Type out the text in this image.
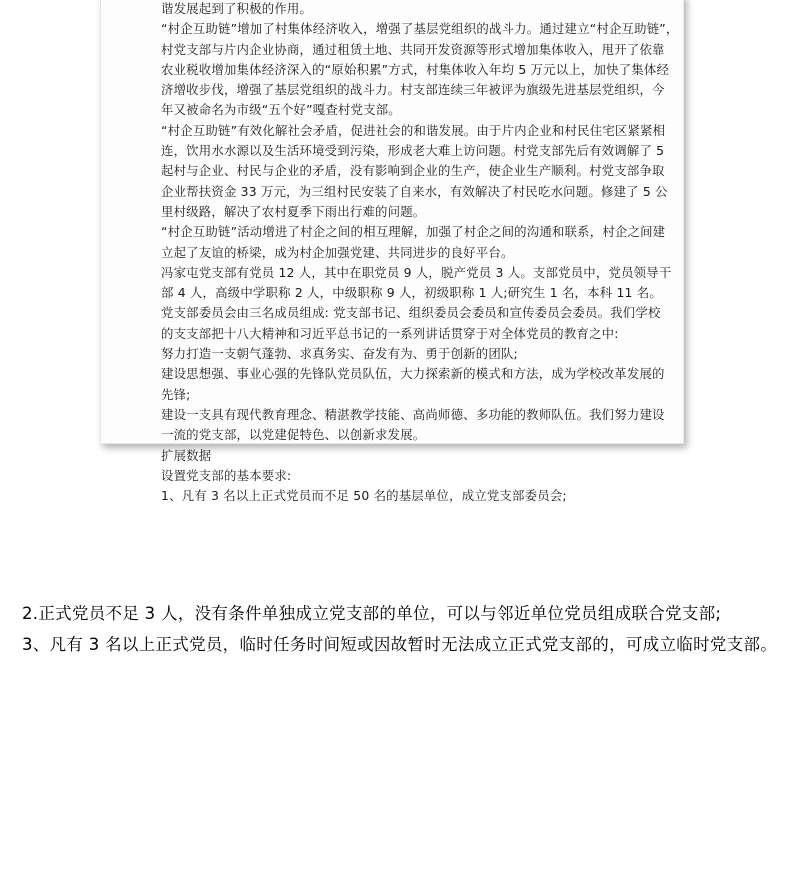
谐发展起到了积极的作用。
“村企互助链”增加了村集体经济收入，增强了基层党组织的战斗力。通过建立“村企互助链”，
村党支部与片内企业协商，通过租赁土地、共同开发资源等形式增加集体收入，甩开了依靠
农业税收增加集体经济深入的“原始积累”方式，村集体收入年均 5 万元以上，加快了集体经
济增收步伐，增强了基层党组织的战斗力。村支部连续三年被评为旗级先进基层党组织，今
年又被命名为市级“五个好”嘎查村党支部。
“村企互助链”有效化解社会矛盾，促进社会的和谐发展。由于片内企业和村民住宅区紧紧相
连，饮用水水源以及生活环境受到污染，形成老大难上访问题。村党支部先后有效调解了 5
起村与企业、村民与企业的矛盾，没有影响到企业的生产，使企业生产顺利。村党支部争取
企业帮扶资金 33 万元，为三组村民安装了自来水，有效解决了村民吃水问题。修建了 5 公
里村级路，解决了农村夏季下雨出行难的问题。
“村企互助链”活动增进了村企之间的相互理解，加强了村企之间的沟通和联系，村企之间建
立起了友谊的桥梁，成为村企加强党建、共同进步的良好平台。
冯家屯党支部有党员 12 人，其中在职党员 9 人，脱产党员 3 人。支部党员中，党员领导干
部 4 人，高级中学职称 2 人，中级职称 9 人，初级职称 1 人;研究生 1 名，本科 11 名。
党支部委员会由三名成员组成: 党支部书记、组织委员会委员和宣传委员会委员。我们学校
的支支部把十八大精神和习近平总书记的一系列讲话贯穿于对全体党员的教育之中:
努力打造一支朝气蓬勃、求真务实、奋发有为、勇于创新的团队;
建设思想强、事业心强的先锋队党员队伍，大力探索新的模式和方法，成为学校改革发展的
先锋;
建设一支具有现代教育理念、精湛教学技能、高尚师德、多功能的教师队伍。我们努力建设
一流的党支部，以党建促特色、以创新求发展。
扩展数据
设置党支部的基本要求:
1、凡有 3 名以上正式党员而不足 50 名的基层单位，成立党支部委员会;

2.正式党员不足 3 人，没有条件单独成立党支部的单位，可以与邻近单位党员组成联合党支部;

3、凡有 3 名以上正式党员，临时任务时间短或因故暂时无法成立正式党支部的，可成立临时党支部。
